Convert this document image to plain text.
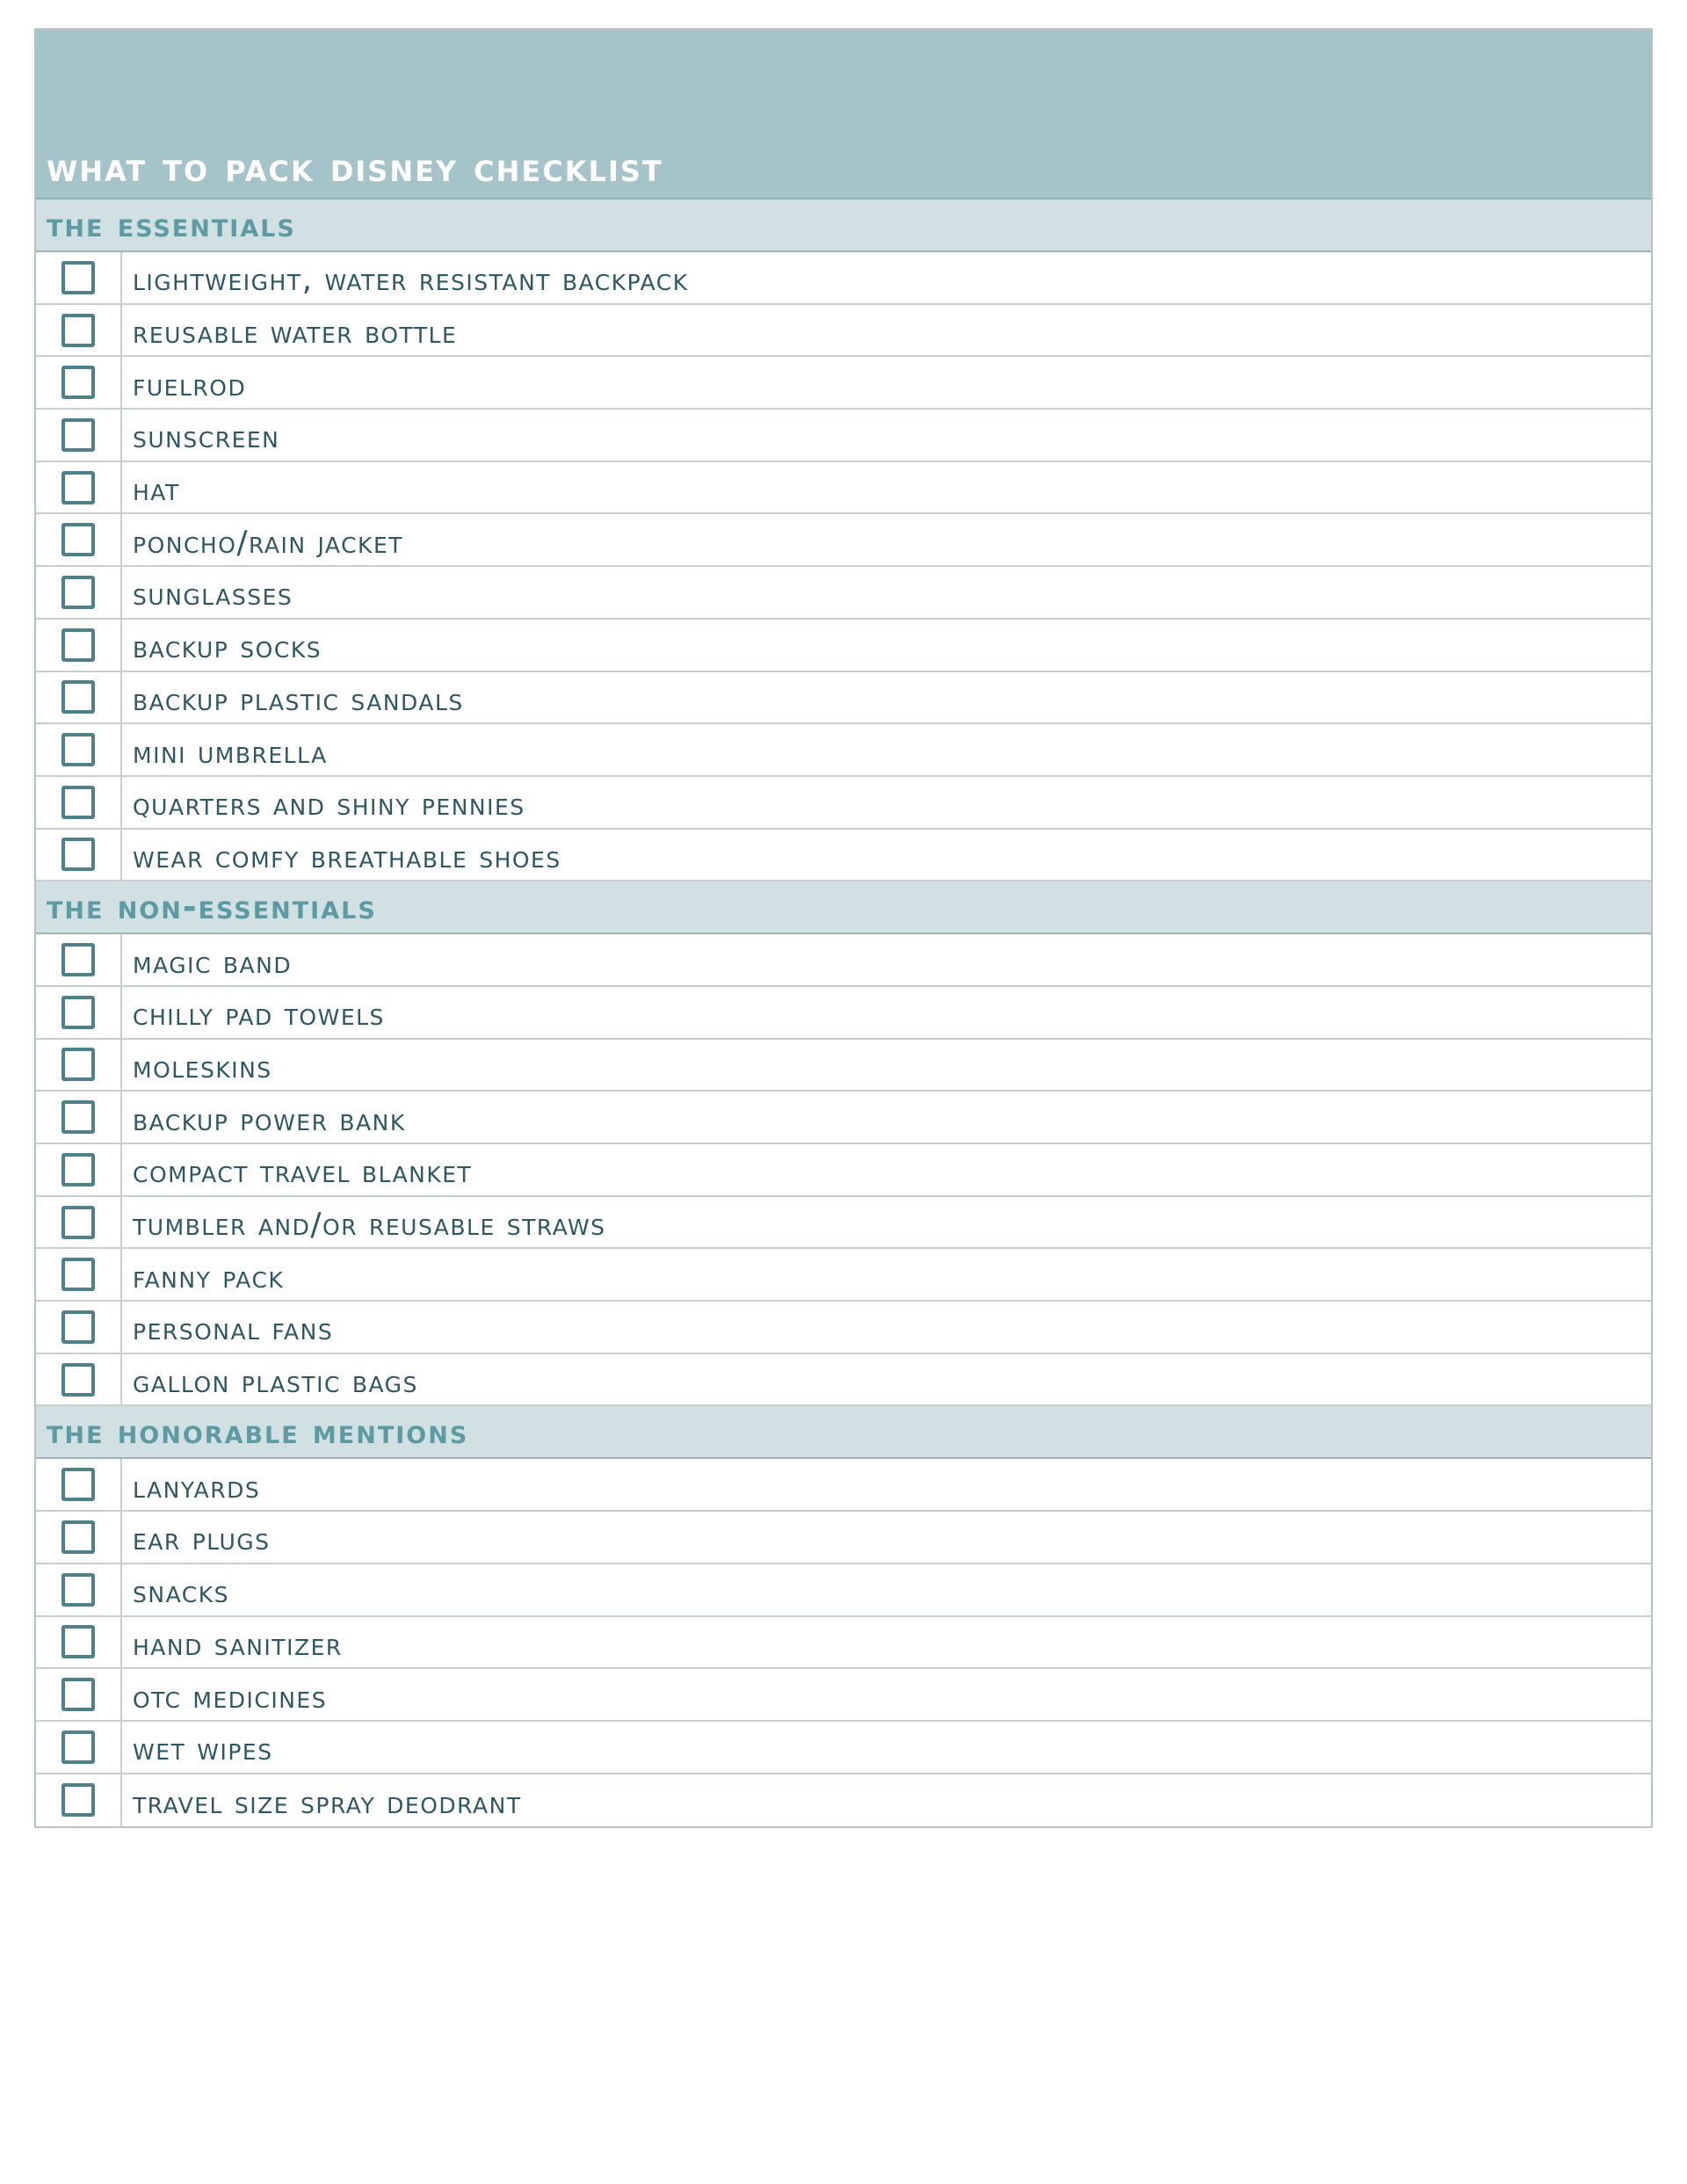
what to pack disney checklist
the essentials
lightweight, water resistant backpack
reusable water bottle
fuelrod
sunscreen
hat
poncho/rain jacket
sunglasses
backup socks
backup plastic sandals
mini umbrella
quarters and shiny pennies
wear comfy breathable shoes
the non-essentials
magic band
chilly pad towels
moleskins
backup power bank
compact travel blanket
tumbler and/or reusable straws
fanny pack
personal fans
gallon plastic bags
the honorable mentions
lanyards
ear plugs
snacks
hand sanitizer
otc medicines
wet wipes
travel size spray deodrant
